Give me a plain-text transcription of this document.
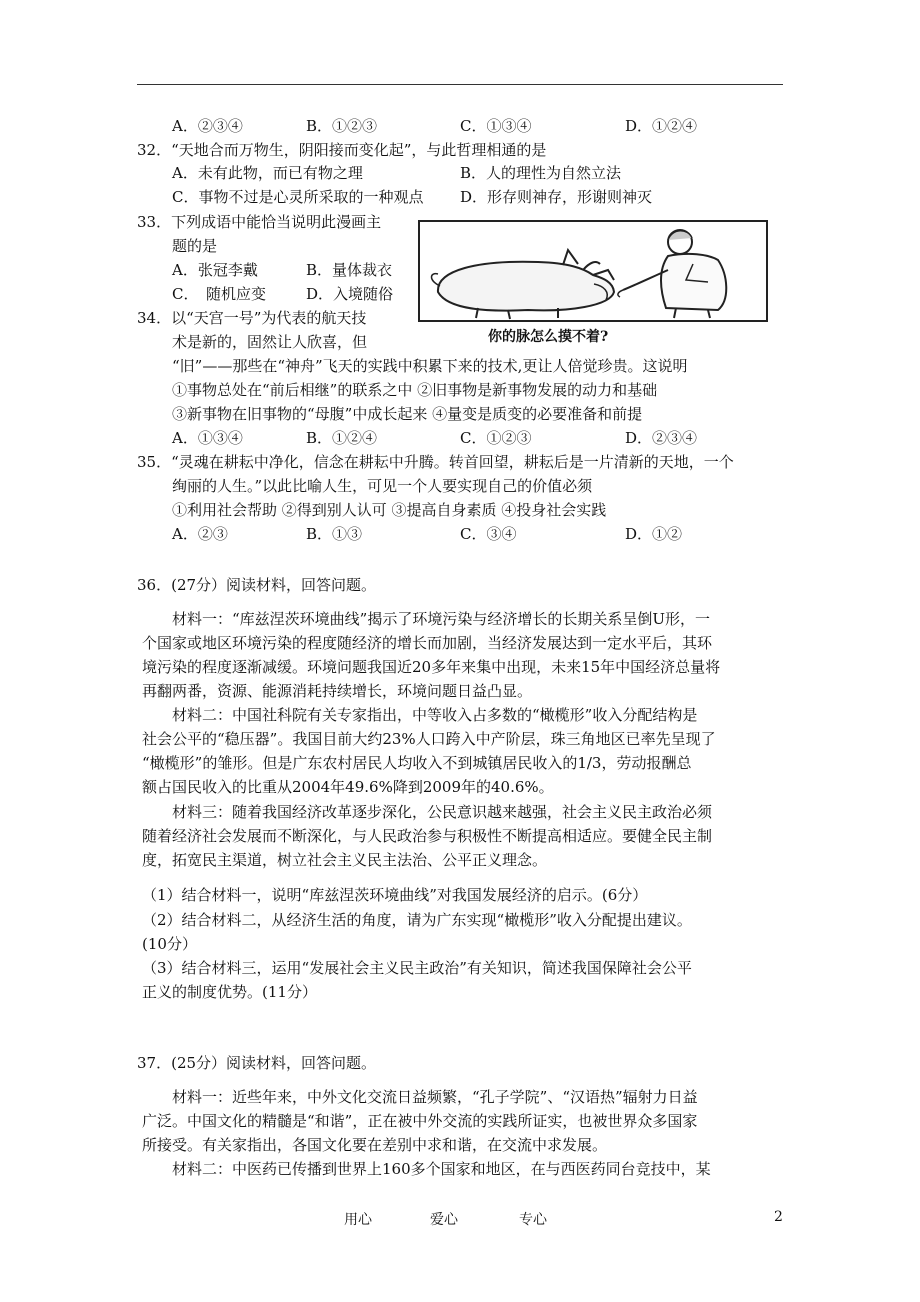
A．②③④	B．①②③	C．①③④	D．①②④
32．“天地合而万物生，阴阳接而变化起”，与此哲理相通的是
A．未有此物，而已有物之理	B．人的理性为自然立法
C．事物不过是心灵所采取的一种观点 D．形存则神存，形谢则神灭
33．下列成语中能恰当说明此漫画主
题的是
A．张冠李戴	B．量体裁衣
C．　随机应变	D．入境随俗
你的脉怎么摸不着?
34．以“天宫一号”为代表的航天技
术是新的，固然让人欣喜，但
“旧”——那些在“神舟”飞天的实践中积累下来的技术,更让人倍觉珍贵。这说明
①事物总处在“前后相继”的联系之中 ②旧事物是新事物发展的动力和基础
③新事物在旧事物的“母腹”中成长起来 ④量变是质变的必要准备和前提
A．①③④	B．①②④	C．①②③	D．②③④
35．“灵魂在耕耘中净化，信念在耕耘中升腾。转首回望，耕耘后是一片清新的天地，一个
绚丽的人生。”以此比喻人生，可见一个人要实现自己的价值必须
①利用社会帮助 ②得到别人认可 ③提高自身素质 ④投身社会实践
A．②③	B．①③	C．③④	D．①②
36．(27分）阅读材料，回答问题。
材料一：“库兹涅茨环境曲线”揭示了环境污染与经济增长的长期关系呈倒U形，一
个国家或地区环境污染的程度随经济的增长而加剧，当经济发展达到一定水平后，其环
境污染的程度逐渐减缓。环境问题我国近20多年来集中出现，未来15年中国经济总量将
再翻两番，资源、能源消耗持续增长，环境问题日益凸显。
材料二：中国社科院有关专家指出，中等收入占多数的“橄榄形”收入分配结构是
社会公平的“稳压器”。我国目前大约23%人口跨入中产阶层，珠三角地区已率先呈现了
“橄榄形”的雏形。但是广东农村居民人均收入不到城镇居民收入的1/3，劳动报酬总
额占国民收入的比重从2004年49.6%降到2009年的40.6%。
材料三：随着我国经济改革逐步深化，公民意识越来越强，社会主义民主政治必须
随着经济社会发展而不断深化，与人民政治参与积极性不断提高相适应。要健全民主制
度，拓宽民主渠道，树立社会主义民主法治、公平正义理念。
（1）结合材料一，说明“库兹涅茨环境曲线”对我国发展经济的启示。(6分）
（2）结合材料二，从经济生活的角度，请为广东实现“橄榄形”收入分配提出建议。
(10分）
（3）结合材料三，运用“发展社会主义民主政治”有关知识，简述我国保障社会公平
正义的制度优势。(11分）
37．(25分）阅读材料，回答问题。
材料一：近些年来，中外文化交流日益频繁，“孔子学院”、“汉语热”辐射力日益
广泛。中国文化的精髓是“和谐”，正在被中外交流的实践所证实，也被世界众多国家
所接受。有关家指出，各国文化要在差别中求和谐，在交流中求发展。
材料二：中医药已传播到世界上160多个国家和地区，在与西医药同台竞技中，某
用心	爱心	专心	2
